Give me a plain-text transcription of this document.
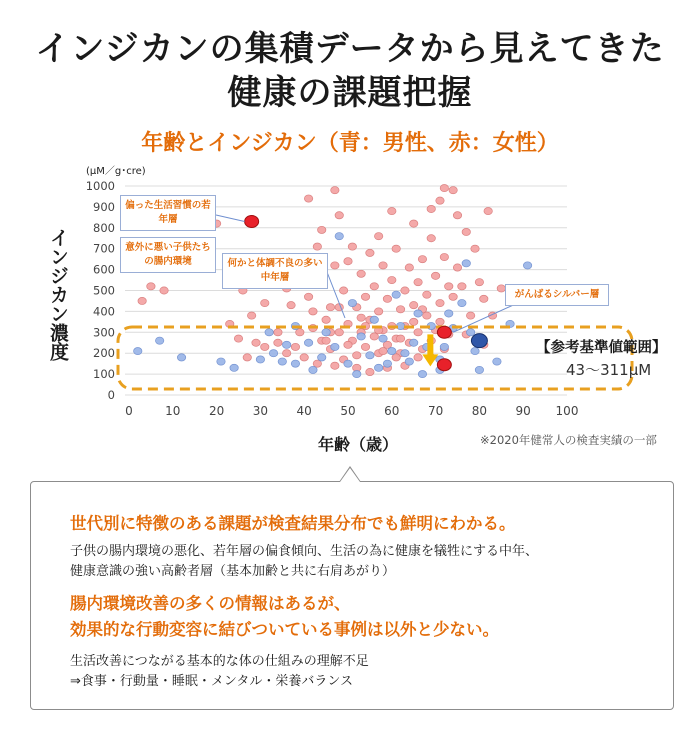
インジカンの集積データから見えてきた
健康の課題把握
年齢とインジカン（青：男性、赤：女性）
(μM／g･cre)
インジカン濃度
0
100
200
300
400
500
600
700
800
900
1000
0	10 20 30 40 50 60 70 80 90 100
偏った生活習慣の若年層
意外に悪い子供たちの腸内環境	何かと体調不良の多い中年層
がんばるシルバー層
【参考基準値範囲】
43〜311μM
年齢（歳）	※2020年健常人の検査実績の一部
世代別に特徴のある課題が検査結果分布でも鮮明にわかる。
子供の腸内環境の悪化、若年層の偏食傾向、生活の為に健康を犠牲にする中年、
健康意識の強い高齢者層（基本加齢と共に右肩あがり）
腸内環境改善の多くの情報はあるが、
効果的な行動変容に結びついている事例は以外と少ない。
生活改善につながる基本的な体の仕組みの理解不足
⇒食事・行動量・睡眠・メンタル・栄養バランス
